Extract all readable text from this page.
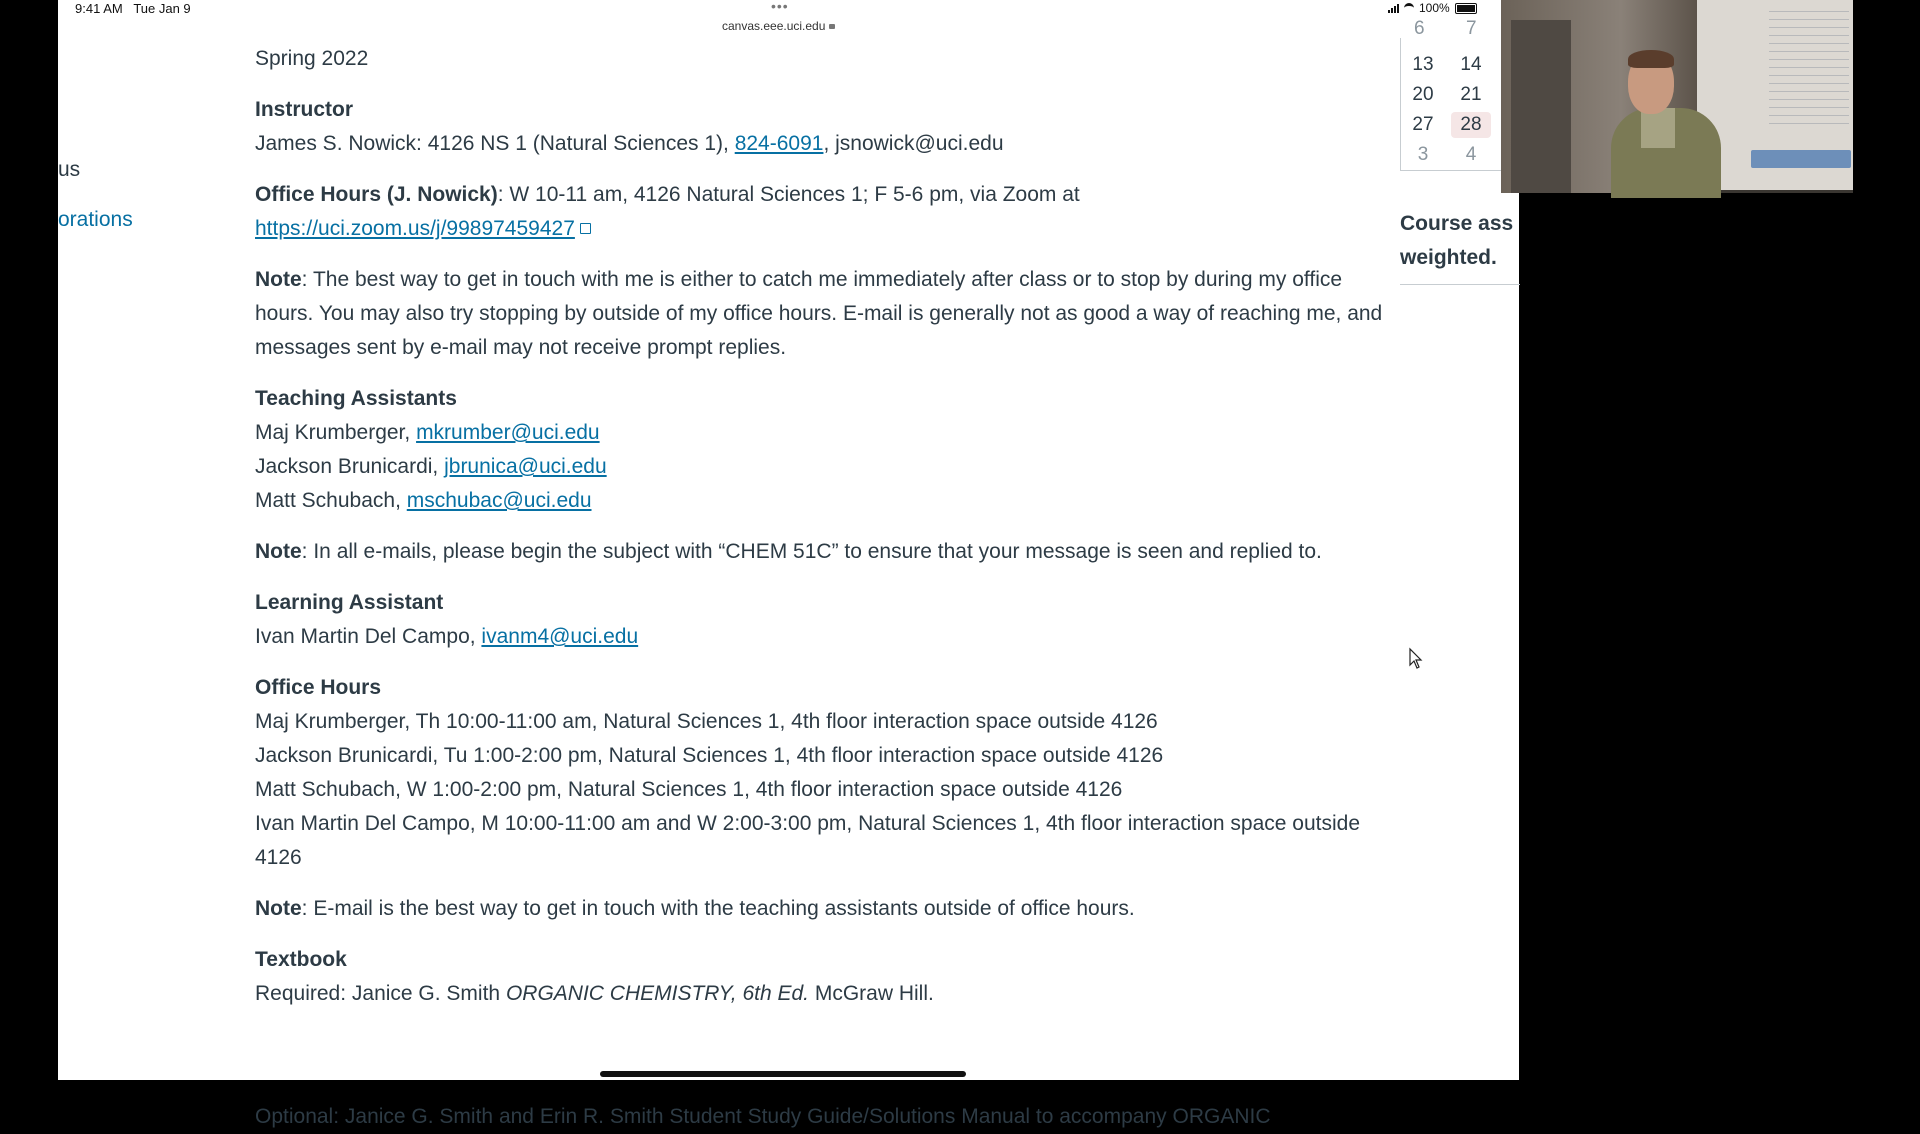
9:41 AM Tue Jan 9	•••
canvas.eee.uci.edu
100%
us
orations

Spring 2022

Instructor
James S. Nowick: 4126 NS 1 (Natural Sciences 1), 824-6091, jsnowick@uci.edu

Office Hours (J. Nowick): W 10-11 am, 4126 Natural Sciences 1; F 5-6 pm, via Zoom at
https://uci.zoom.us/j/99897459427

Note: The best way to get in touch with me is either to catch me immediately after class or to stop by during my office hours. You may also try stopping by outside of my office hours. E-mail is generally not as good a way of reaching me, and messages sent by e-mail may not receive prompt replies.

Teaching Assistants
Maj Krumberger, mkrumber@uci.edu
Jackson Brunicardi, jbrunica@uci.edu
Matt Schubach, mschubac@uci.edu

Note: In all e-mails, please begin the subject with “CHEM 51C” to ensure that your message is seen and replied to.

Learning Assistant
Ivan Martin Del Campo, ivanm4@uci.edu

Office Hours
Maj Krumberger, Th 10:00-11:00 am, Natural Sciences 1, 4th floor interaction space outside 4126
Jackson Brunicardi, Tu 1:00-2:00 pm, Natural Sciences 1, 4th floor interaction space outside 4126
Matt Schubach, W 1:00-2:00 pm, Natural Sciences 1, 4th floor interaction space outside 4126
Ivan Martin Del Campo, M 10:00-11:00 am and W 2:00-3:00 pm, Natural Sciences 1, 4th floor interaction space outside 4126

Note: E-mail is the best way to get in touch with the teaching assistants outside of office hours.

Textbook
Required: Janice G. Smith ORGANIC CHEMISTRY, 6th Ed. McGraw Hill.

Optional: Janice G. Smith and Erin R. Smith Student Study Guide/Solutions Manual to accompany ORGANIC
6 7
13	14
20	21
27	28
3	4
Course ass weighted.
